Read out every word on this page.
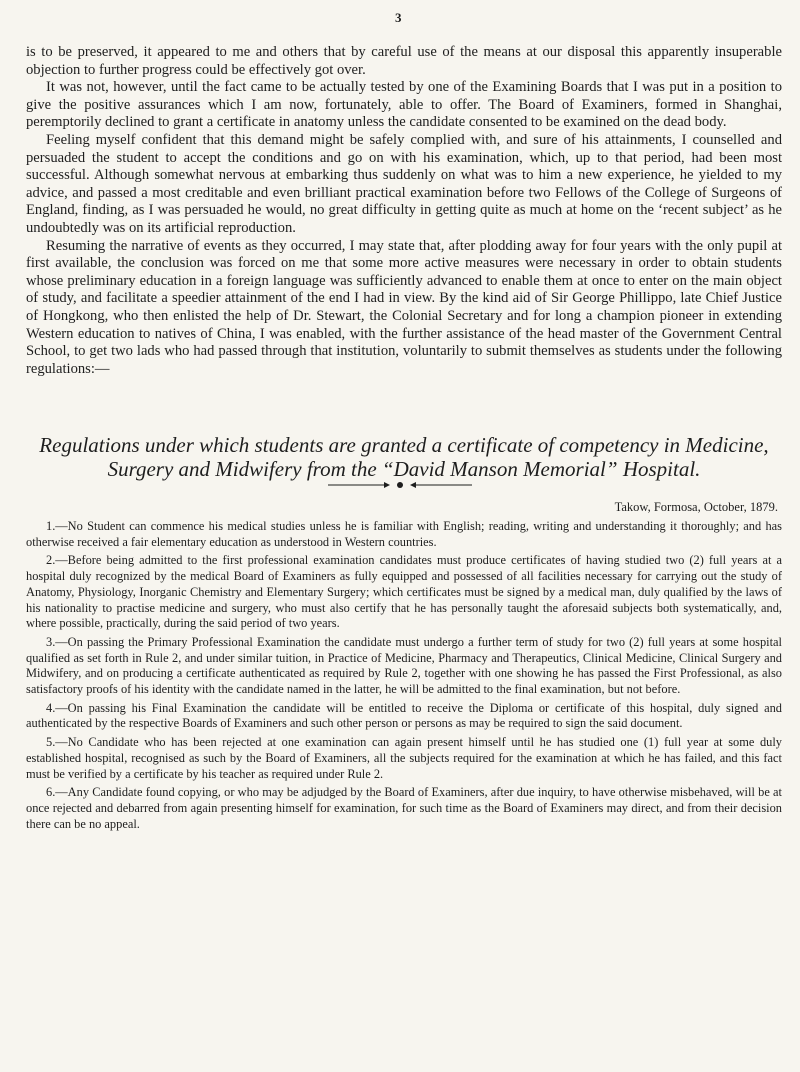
3

is to be preserved, it appeared to me and others that by careful use of the means at our disposal this apparently insuperable objection to further progress could be effectively got over.

It was not, however, until the fact came to be actually tested by one of the Examining Boards that I was put in a position to give the positive assurances which I am now, fortunately, able to offer. The Board of Examiners, formed in Shanghai, peremptorily declined to grant a certificate in anatomy unless the candidate consented to be examined on the dead body.

Feeling myself confident that this demand might be safely complied with, and sure of his attainments, I counselled and persuaded the student to accept the conditions and go on with his examination, which, up to that period, had been most successful. Although somewhat nervous at embarking thus suddenly on what was to him a new experience, he yielded to my advice, and passed a most creditable and even brilliant practical examination before two Fellows of the College of Surgeons of England, finding, as I was persuaded he would, no great difficulty in getting quite as much at home on the ‘recent subject’ as he undoubtedly was on its artificial reproduction.

Resuming the narrative of events as they occurred, I may state that, after plodding away for four years with the only pupil at first available, the conclusion was forced on me that some more active measures were necessary in order to obtain students whose preliminary education in a foreign language was sufficiently advanced to enable them at once to enter on the main object of study, and facilitate a speedier attainment of the end I had in view. By the kind aid of Sir George Phillippo, late Chief Justice of Hongkong, who then enlisted the help of Dr. Stewart, the Colonial Secretary and for long a champion pioneer in extending Western education to natives of China, I was enabled, with the further assistance of the head master of the Government Central School, to get two lads who had passed through that institution, voluntarily to submit themselves as students under the following regulations:—

Regulations under which students are granted a certificate of competency in Medicine, Surgery and Midwifery from the “David Manson Memorial” Hospital.
Takow, Formosa, October, 1879.

1.—No Student can commence his medical studies unless he is familiar with English; reading, writing and understanding it thoroughly; and has otherwise received a fair elementary education as understood in Western countries.

2.—Before being admitted to the first professional examination candidates must produce certificates of having studied two (2) full years at a hospital duly recognized by the medical Board of Examiners as fully equipped and possessed of all facilities necessary for carrying out the study of Anatomy, Physiology, Inorganic Chemistry and Elementary Surgery; which certificates must be signed by a medical man, duly qualified by the laws of his nationality to practise medicine and surgery, who must also certify that he has personally taught the aforesaid subjects both systematically, and, where possible, practically, during the said period of two years.

3.—On passing the Primary Professional Examination the candidate must undergo a further term of study for two (2) full years at some hospital qualified as set forth in Rule 2, and under similar tuition, in Practice of Medicine, Pharmacy and Therapeutics, Clinical Medicine, Clinical Surgery and Midwifery, and on producing a certificate authenticated as required by Rule 2, together with one showing he has passed the First Professional, as also satisfactory proofs of his identity with the candidate named in the latter, he will be admitted to the final examination, but not before.

4.—On passing his Final Examination the candidate will be entitled to receive the Diploma or certificate of this hospital, duly signed and authenticated by the respective Boards of Examiners and such other person or persons as may be required to sign the said document.

5.—No Candidate who has been rejected at one examination can again present himself until he has studied one (1) full year at some duly established hospital, recognised as such by the Board of Examiners, all the subjects required for the examination at which he has failed, and this fact must be verified by a certificate by his teacher as required under Rule 2.

6.—Any Candidate found copying, or who may be adjudged by the Board of Examiners, after due inquiry, to have otherwise misbehaved, will be at once rejected and debarred from again presenting himself for examination, for such time as the Board of Examiners may direct, and from their decision there can be no appeal.
